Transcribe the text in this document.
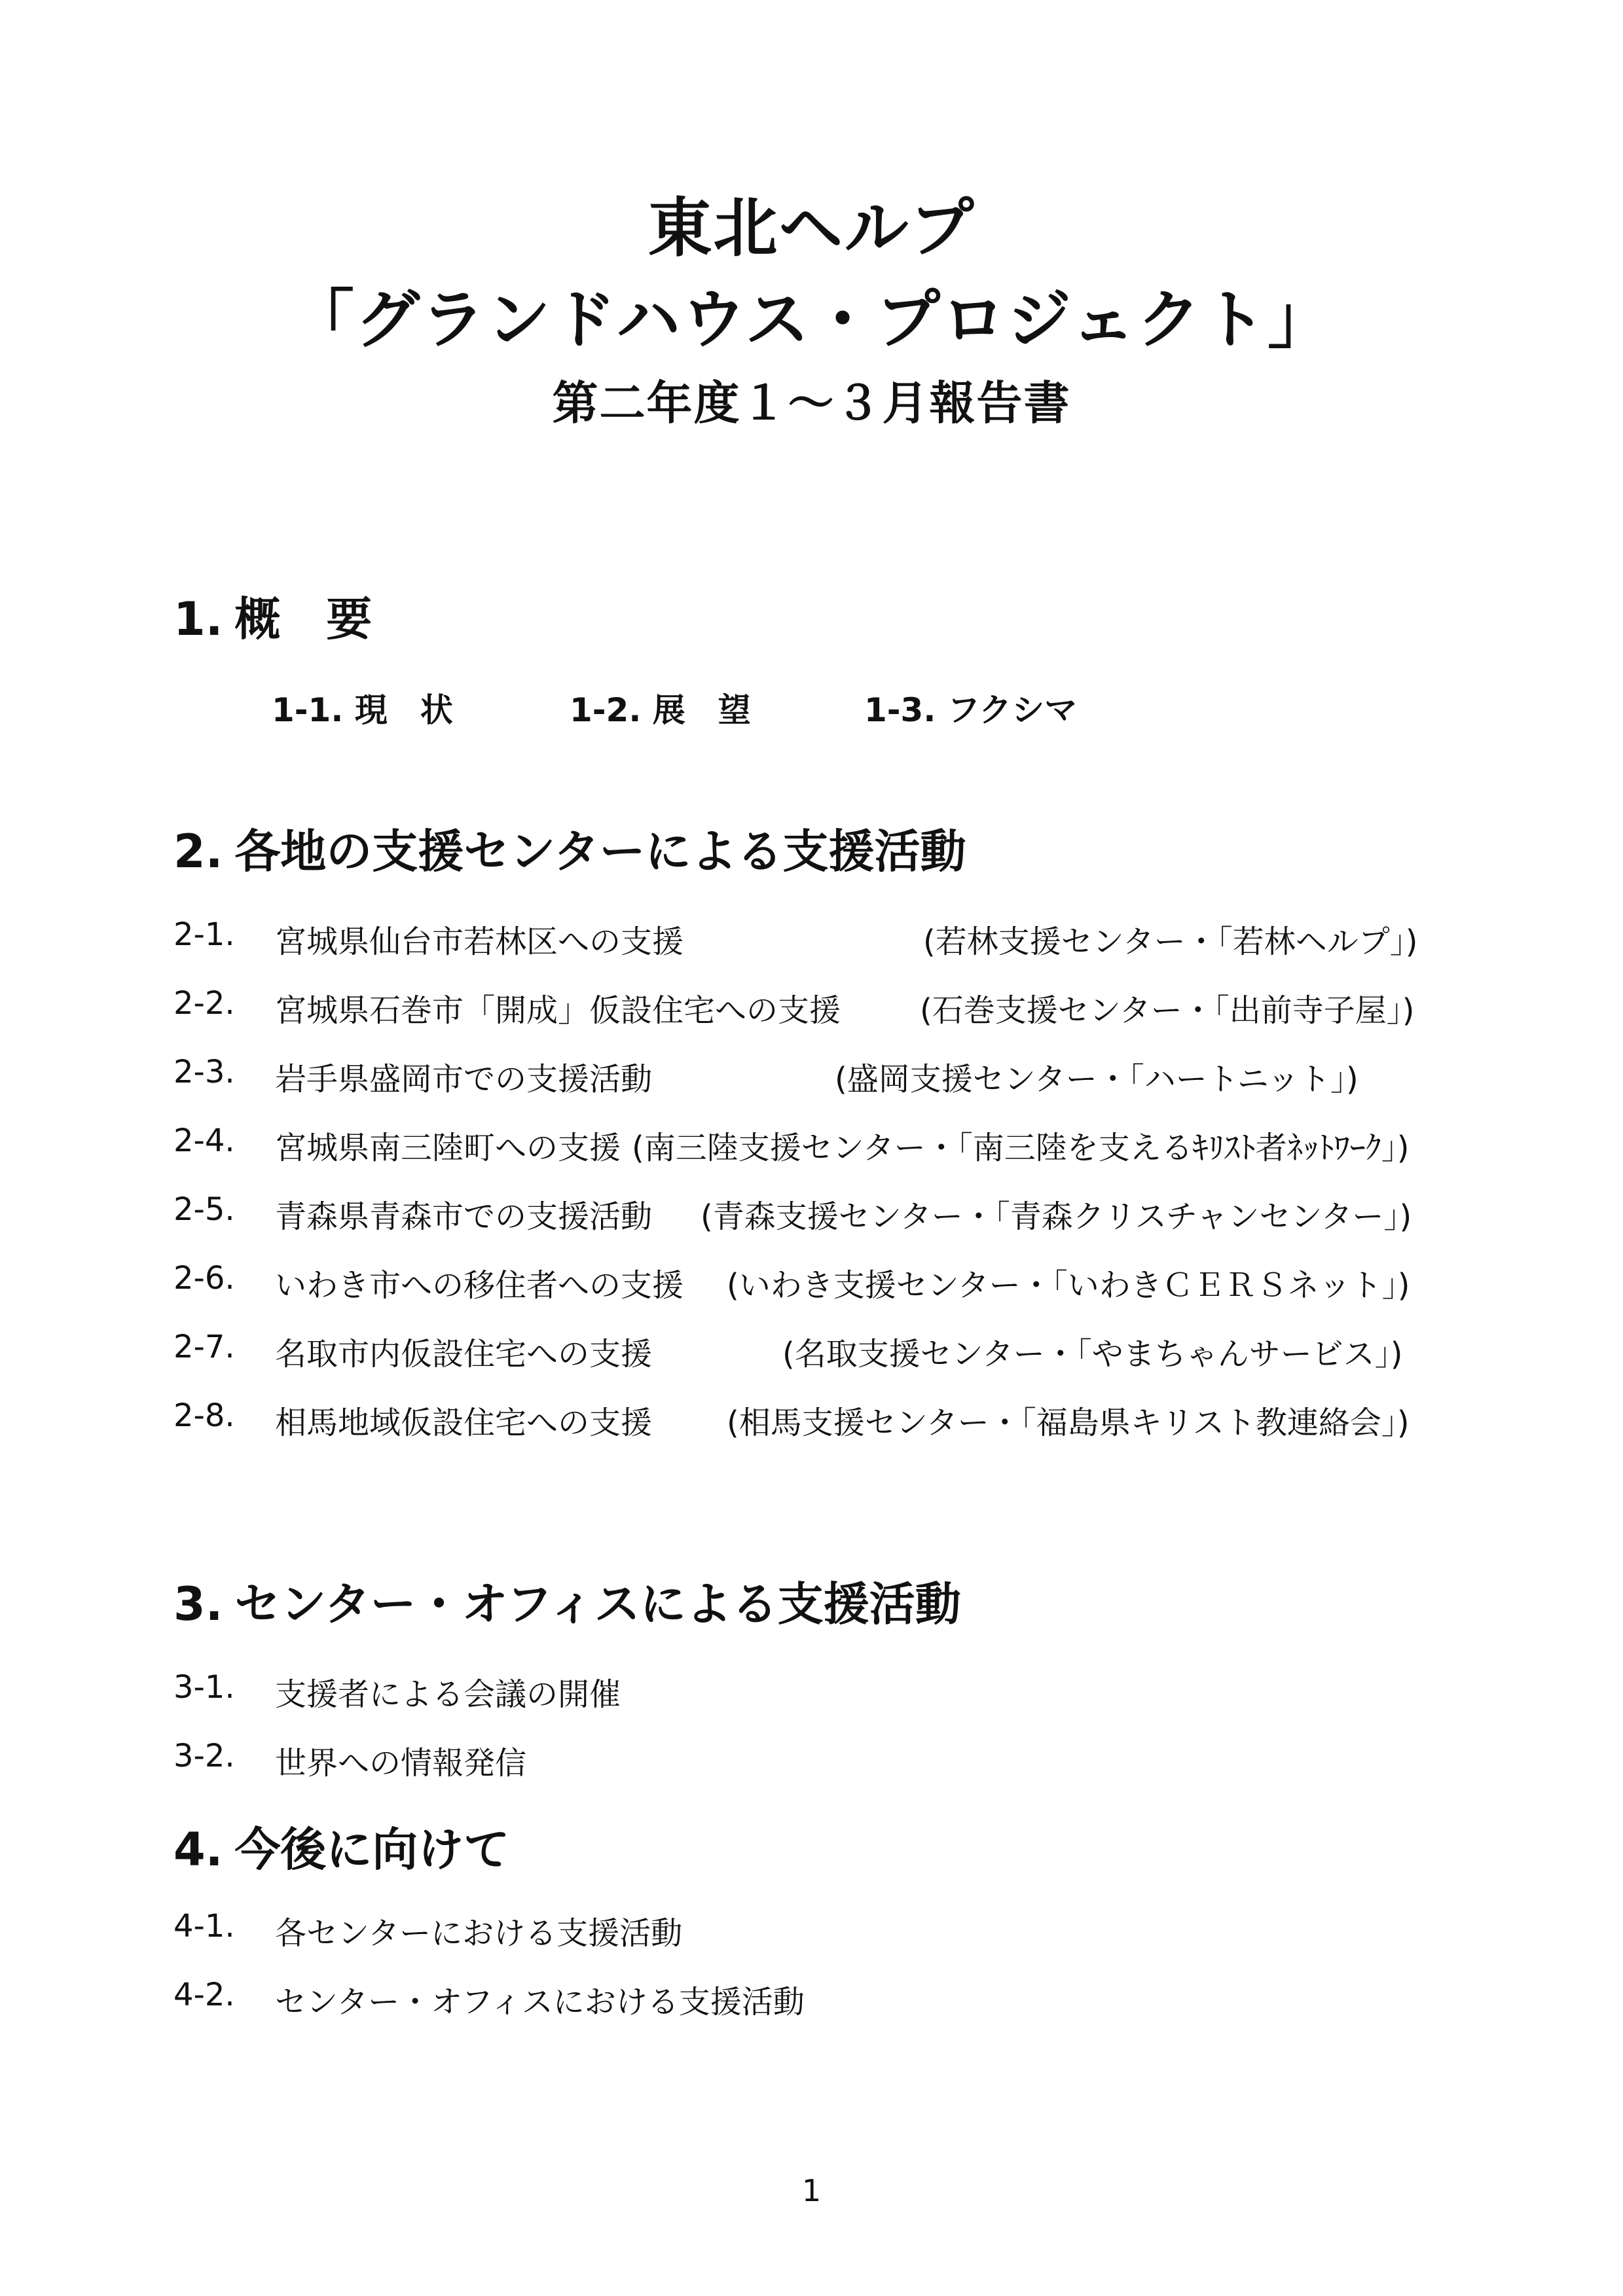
東北ヘルプ
「グランドハウス・プロジェクト」
第二年度１～３月報告書
1. 概　要
1-1. 現　状	1-2. 展　望	1-3. フクシマ
2. 各地の支援センターによる支援活動
2-1. 宮城県仙台市若林区への支援	(若林支援センター・「若林ヘルプ」)
2-2. 宮城県石巻市「開成」仮設住宅への支援	(石巻支援センター・「出前寺子屋」)
2-3. 岩手県盛岡市での支援活動	(盛岡支援センター・「ハートニット」)
2-4. 宮城県南三陸町への支援 (南三陸支援センター・「南三陸を支えるｷﾘｽﾄ者ﾈｯﾄﾜｰｸ」)
2-5. 青森県青森市での支援活動 (青森支援センター・「青森クリスチャンセンター」)
2-6. いわき市への移住者への支援 (いわき支援センター・「いわきＣＥＲＳネット」)
2-7. 名取市内仮設住宅への支援	(名取支援センター・「やまちゃんサービス」)
2-8. 相馬地域仮設住宅への支援 (相馬支援センター・「福島県キリスト教連絡会」)
3. センター・オフィスによる支援活動
3-1. 支援者による会議の開催
3-2. 世界への情報発信
4. 今後に向けて
4-1. 各センターにおける支援活動
4-2. センター・オフィスにおける支援活動
1
